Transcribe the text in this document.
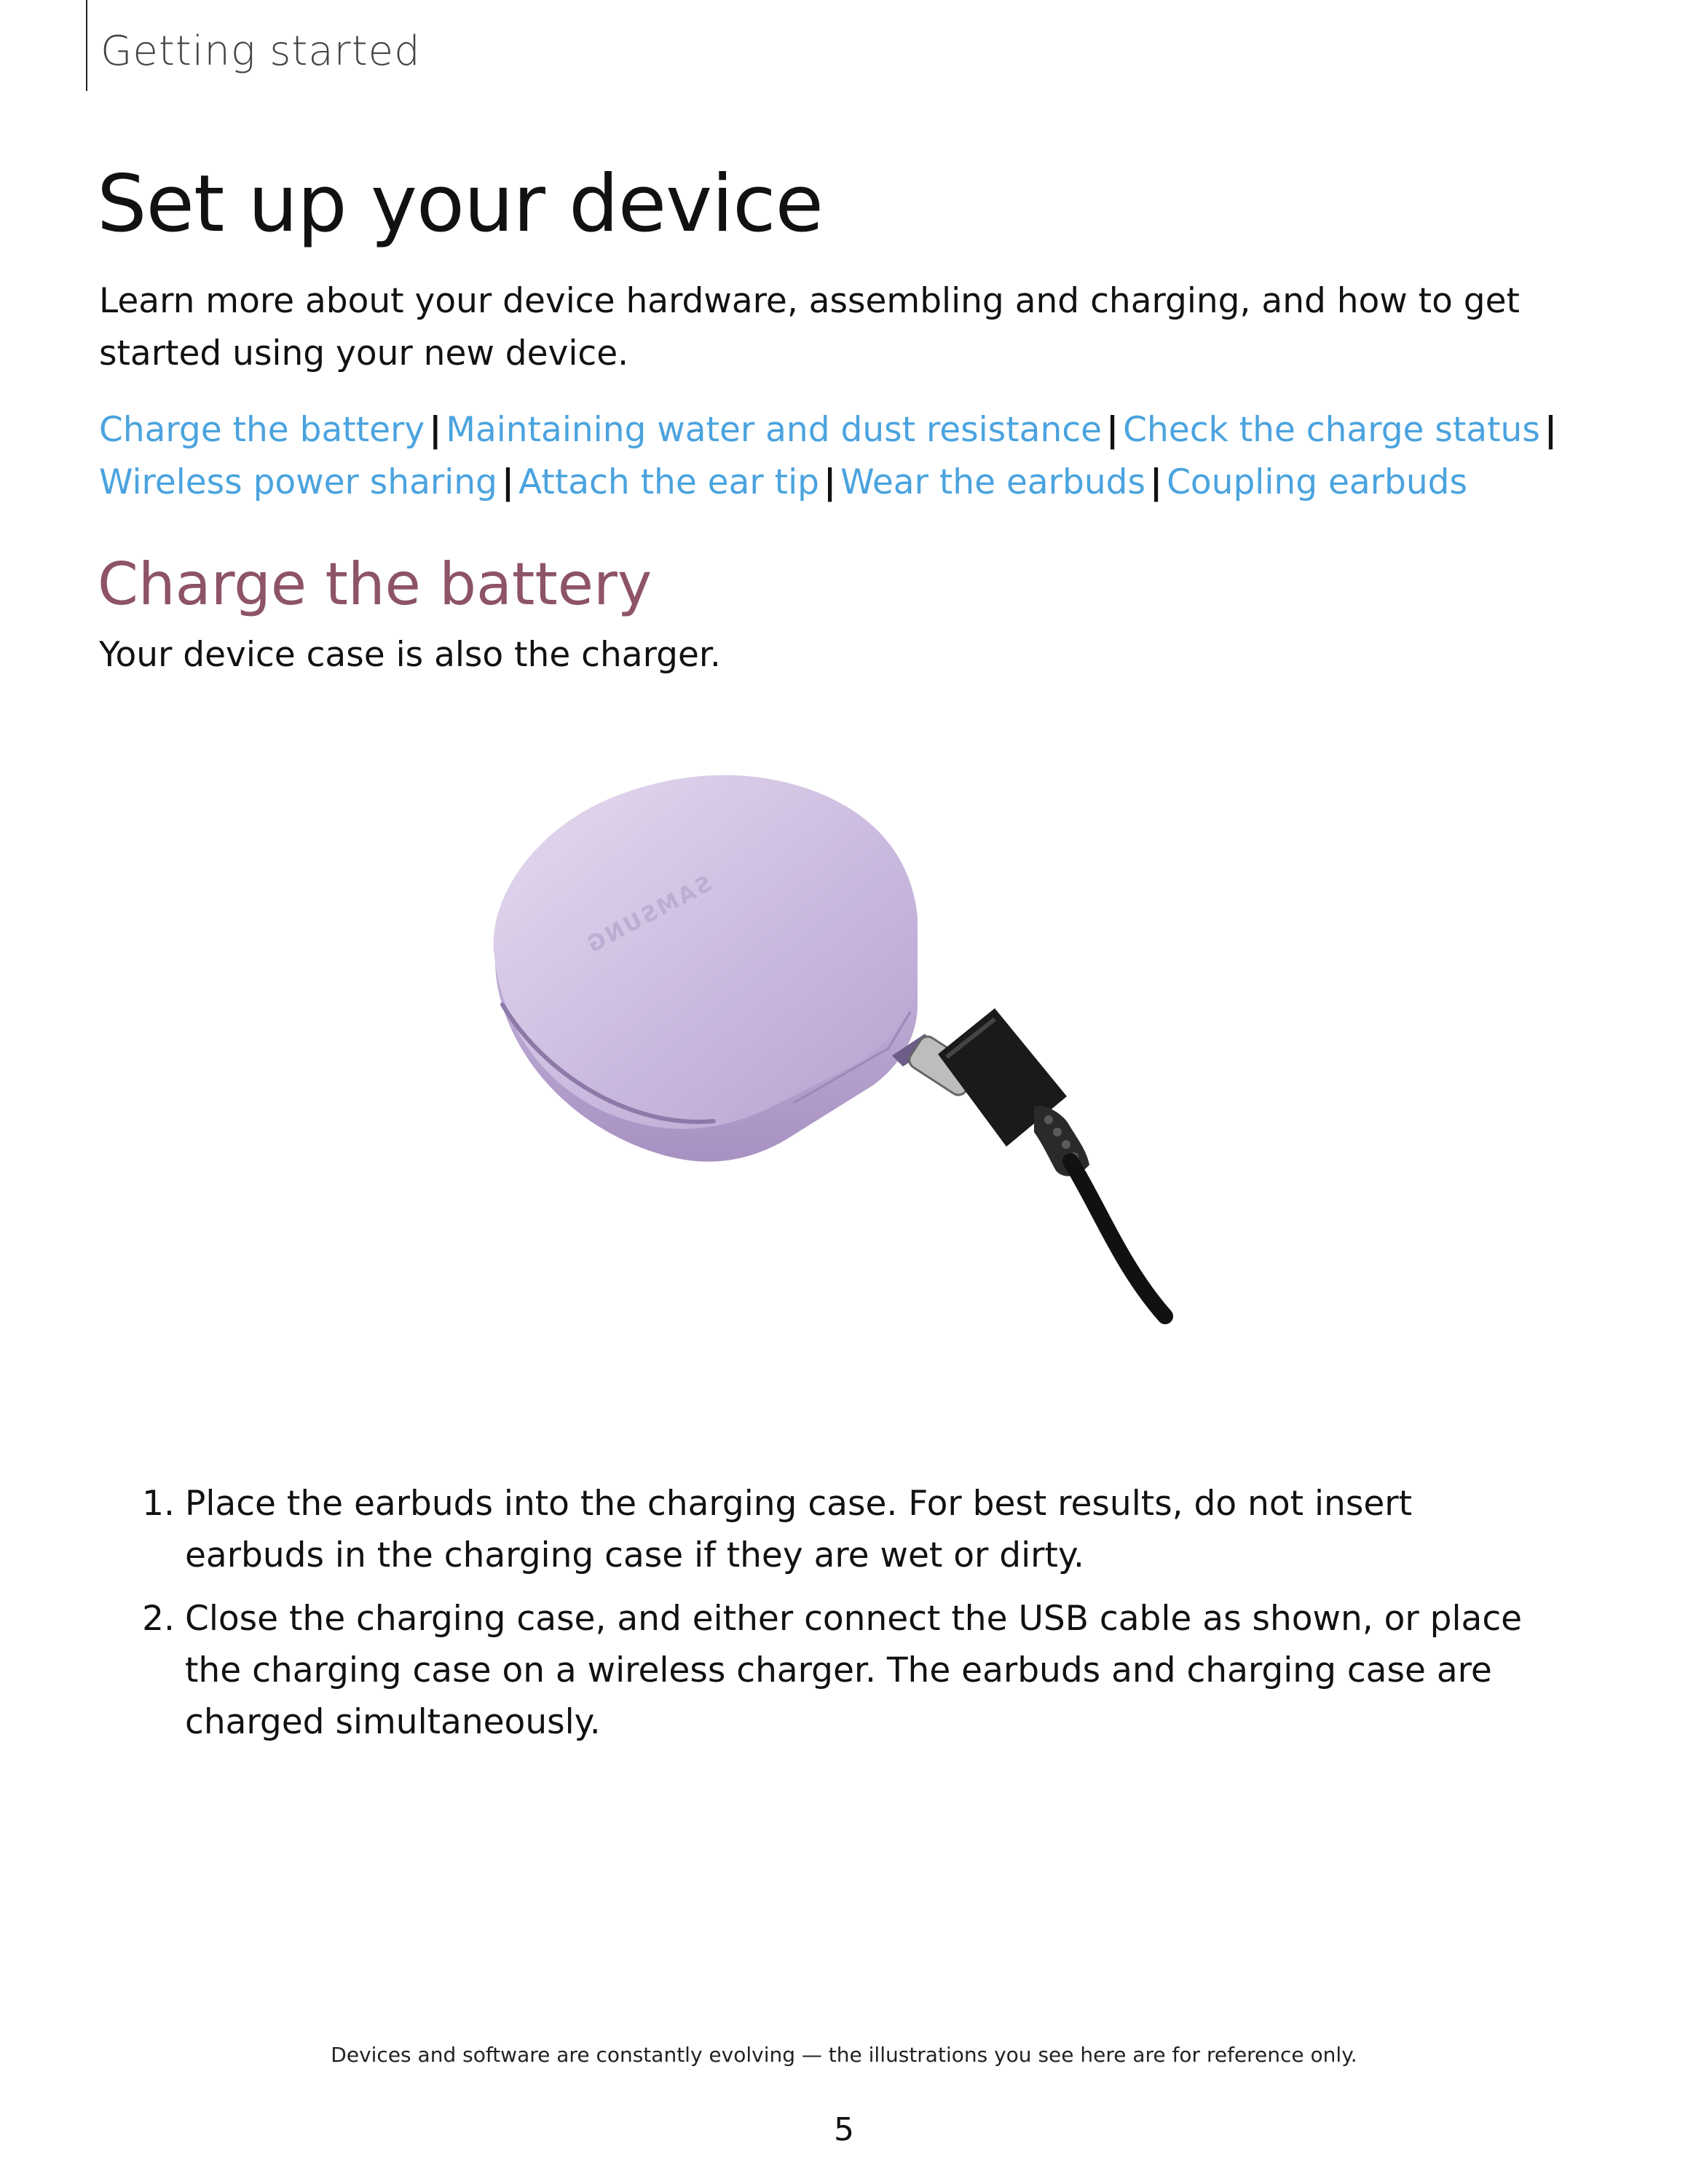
Getting started
Set up your device
Learn more about your device hardware, assembling and charging, and how to get started using your new device.
Charge the battery | Maintaining water and dust resistance | Check the charge status |
Wireless power sharing | Attach the ear tip | Wear the earbuds | Coupling earbuds
Charge the battery
Your device case is also the charger.
SAMSUNG
1. Place the earbuds into the charging case. For best results, do not insert earbuds in the charging case if they are wet or dirty.
2. Close the charging case, and either connect the USB cable as shown, or place the charging case on a wireless charger. The earbuds and charging case are charged simultaneously.
Devices and software are constantly evolving — the illustrations you see here are for reference only.
5
